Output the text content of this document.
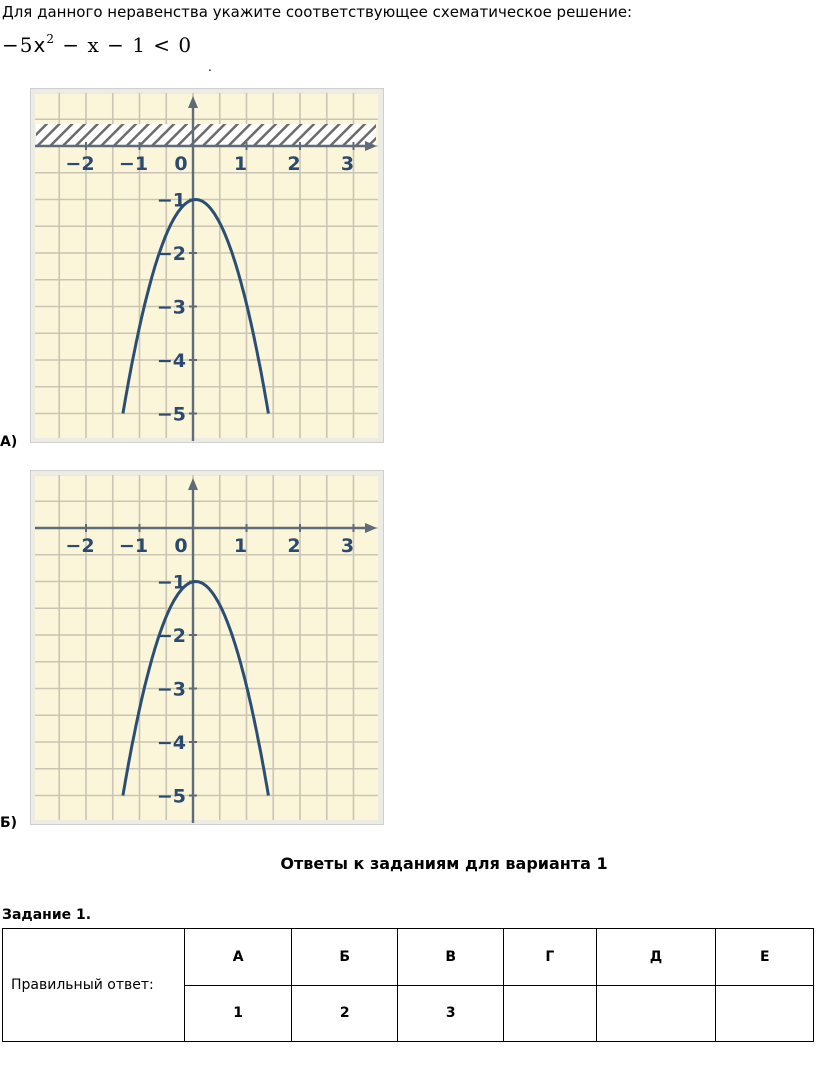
Для данного неравенства укажите соответствующее схематическое решение:
$-5x^2 - x - 1 < 0$
.
−2 −1 0 1 2 3
−1
−2
−3
−4
−5
А)
−2 −1 0 1 2 3
−1
−2
−3
−4
−5
Б)
Ответы к заданиям для варианта 1
Задание 1.
Правильный ответ:	А	Б	В	Г	Д	Е
	1	2	3			
